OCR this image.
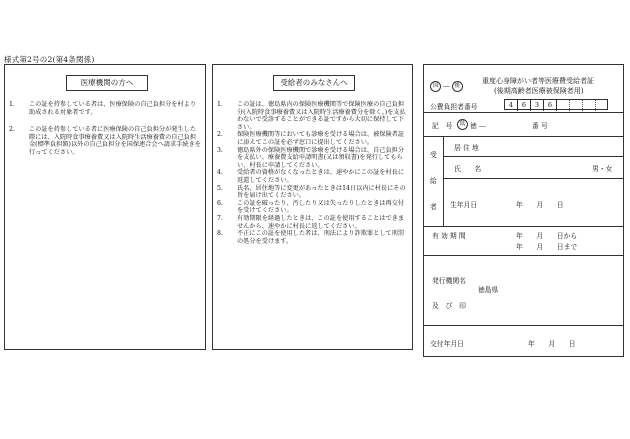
様式第2号の2(第4条関係)
医療機関の方へ
1.	この証を持参している者は、医療保険の自己負担分を村より助成される対象者です。
2.	この証を持参している者に医療保険の自己負担分が発生した際には、入院時食事療養費又は入院時生活療養費の自己負担金(標準負担額)以外の自己負担分を国保連合会へ請求手続きを行ってください。
受給者のみなさんへ
1.	この証は、徳島県内の保険医療機関等で保険医療の自己負担分(入院時食事療養費又は入院時生活療養費分を除く。)を支払わないで受診することができる証ですから大切に保持して下さい。
2.	保険医療機関等においても診療を受ける場合は、被保険者証に添えてこの証を必ず窓口に提出してください。
3.	徳島県外の保険医療機関で診療を受ける場合は、自己負担分を支払い、療養費支給申請明書(又は領収書)を発行してもらい、村長に申請してください。
4.	受給者の資格がなくなったときは、速やかにこの証を村長に返還してください。
5.	氏名、居住地等に変更があったときは14日以内に村長にその旨を届け出てください。
6.	この証を破ったり、汚したり又は失ったりしたときは再交付を受けてください。
7.	有効期限を経過したときは、この証を使用することはできませんから、速やかに村長に返してください。
8.	不正にこの証を使用した者は、刑法により詐欺罪として刑罰の処分を受けます。
国 ― 後
重度心身障がい者等医療費受給者証
(後期高齢者医療被保険者用)
公費負担者番号	4	6	3	6
記　号	低 徳 ―	番 号
受
給
者
居 住 地
氏　　名	男・女
生年月日	年　　月　　日
有 効 期 間	年　　月　　日から
年　　月　　日まで
発行機関名
及　び　印
徳島県
交付年月日	年　　月　　日
